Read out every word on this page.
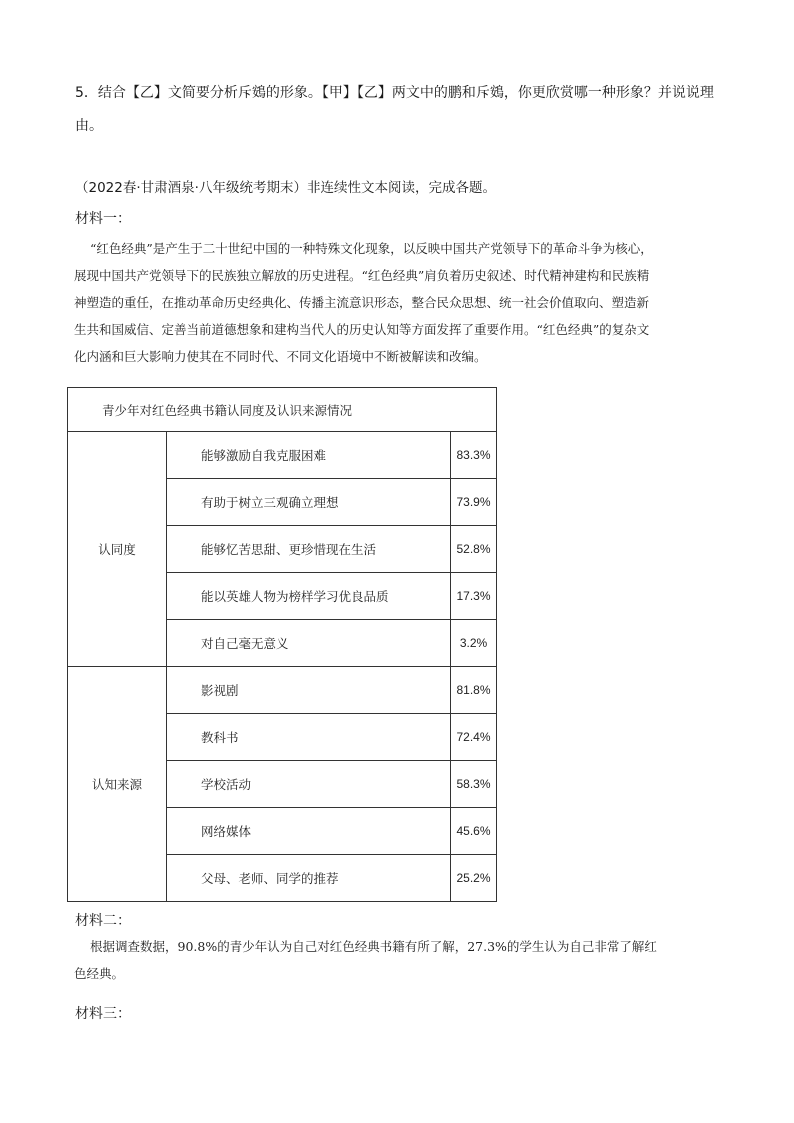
5．结合【乙】文简要分析斥鴳的形象。【甲】【乙】两文中的鹏和斥鴳，你更欣赏哪一种形象？并说说理
由。
（2022春·甘肃酒泉·八年级统考期末）非连续性文本阅读，完成各题。
材料一：

“红色经典”是产生于二十世纪中国的一种特殊文化现象，以反映中国共产党领导下的革命斗争为核心，

展现中国共产党领导下的民族独立解放的历史进程。“红色经典”肩负着历史叙述、时代精神建构和民族精

神塑造的重任，在推动革命历史经典化、传播主流意识形态，整合民众思想、统一社会价值取向、塑造新

生共和国威信、定善当前道德想象和建构当代人的历史认知等方面发挥了重要作用。“红色经典”的复杂文

化内涵和巨大影响力使其在不同时代、不同文化语境中不断被解读和改编。

青少年对红色经典书籍认同度及认识来源情况		
认同度	能够激励自我克服困难	83.3%
	有助于树立三观确立理想	73.9%
	能够忆苦思甜、更珍惜现在生活	52.8%
	能以英雄人物为榜样学习优良品质	17.3%
	对自己毫无意义	3.2%
认知来源	影视剧	81.8%
	教科书	72.4%
	学校活动	58.3%
	网络媒体	45.6%
	父母、老师、同学的推荐	25.2%
材料二：

根据调查数据，90.8%的青少年认为自己对红色经典书籍有所了解，27.3%的学生认为自己非常了解红

色经典。

材料三：
